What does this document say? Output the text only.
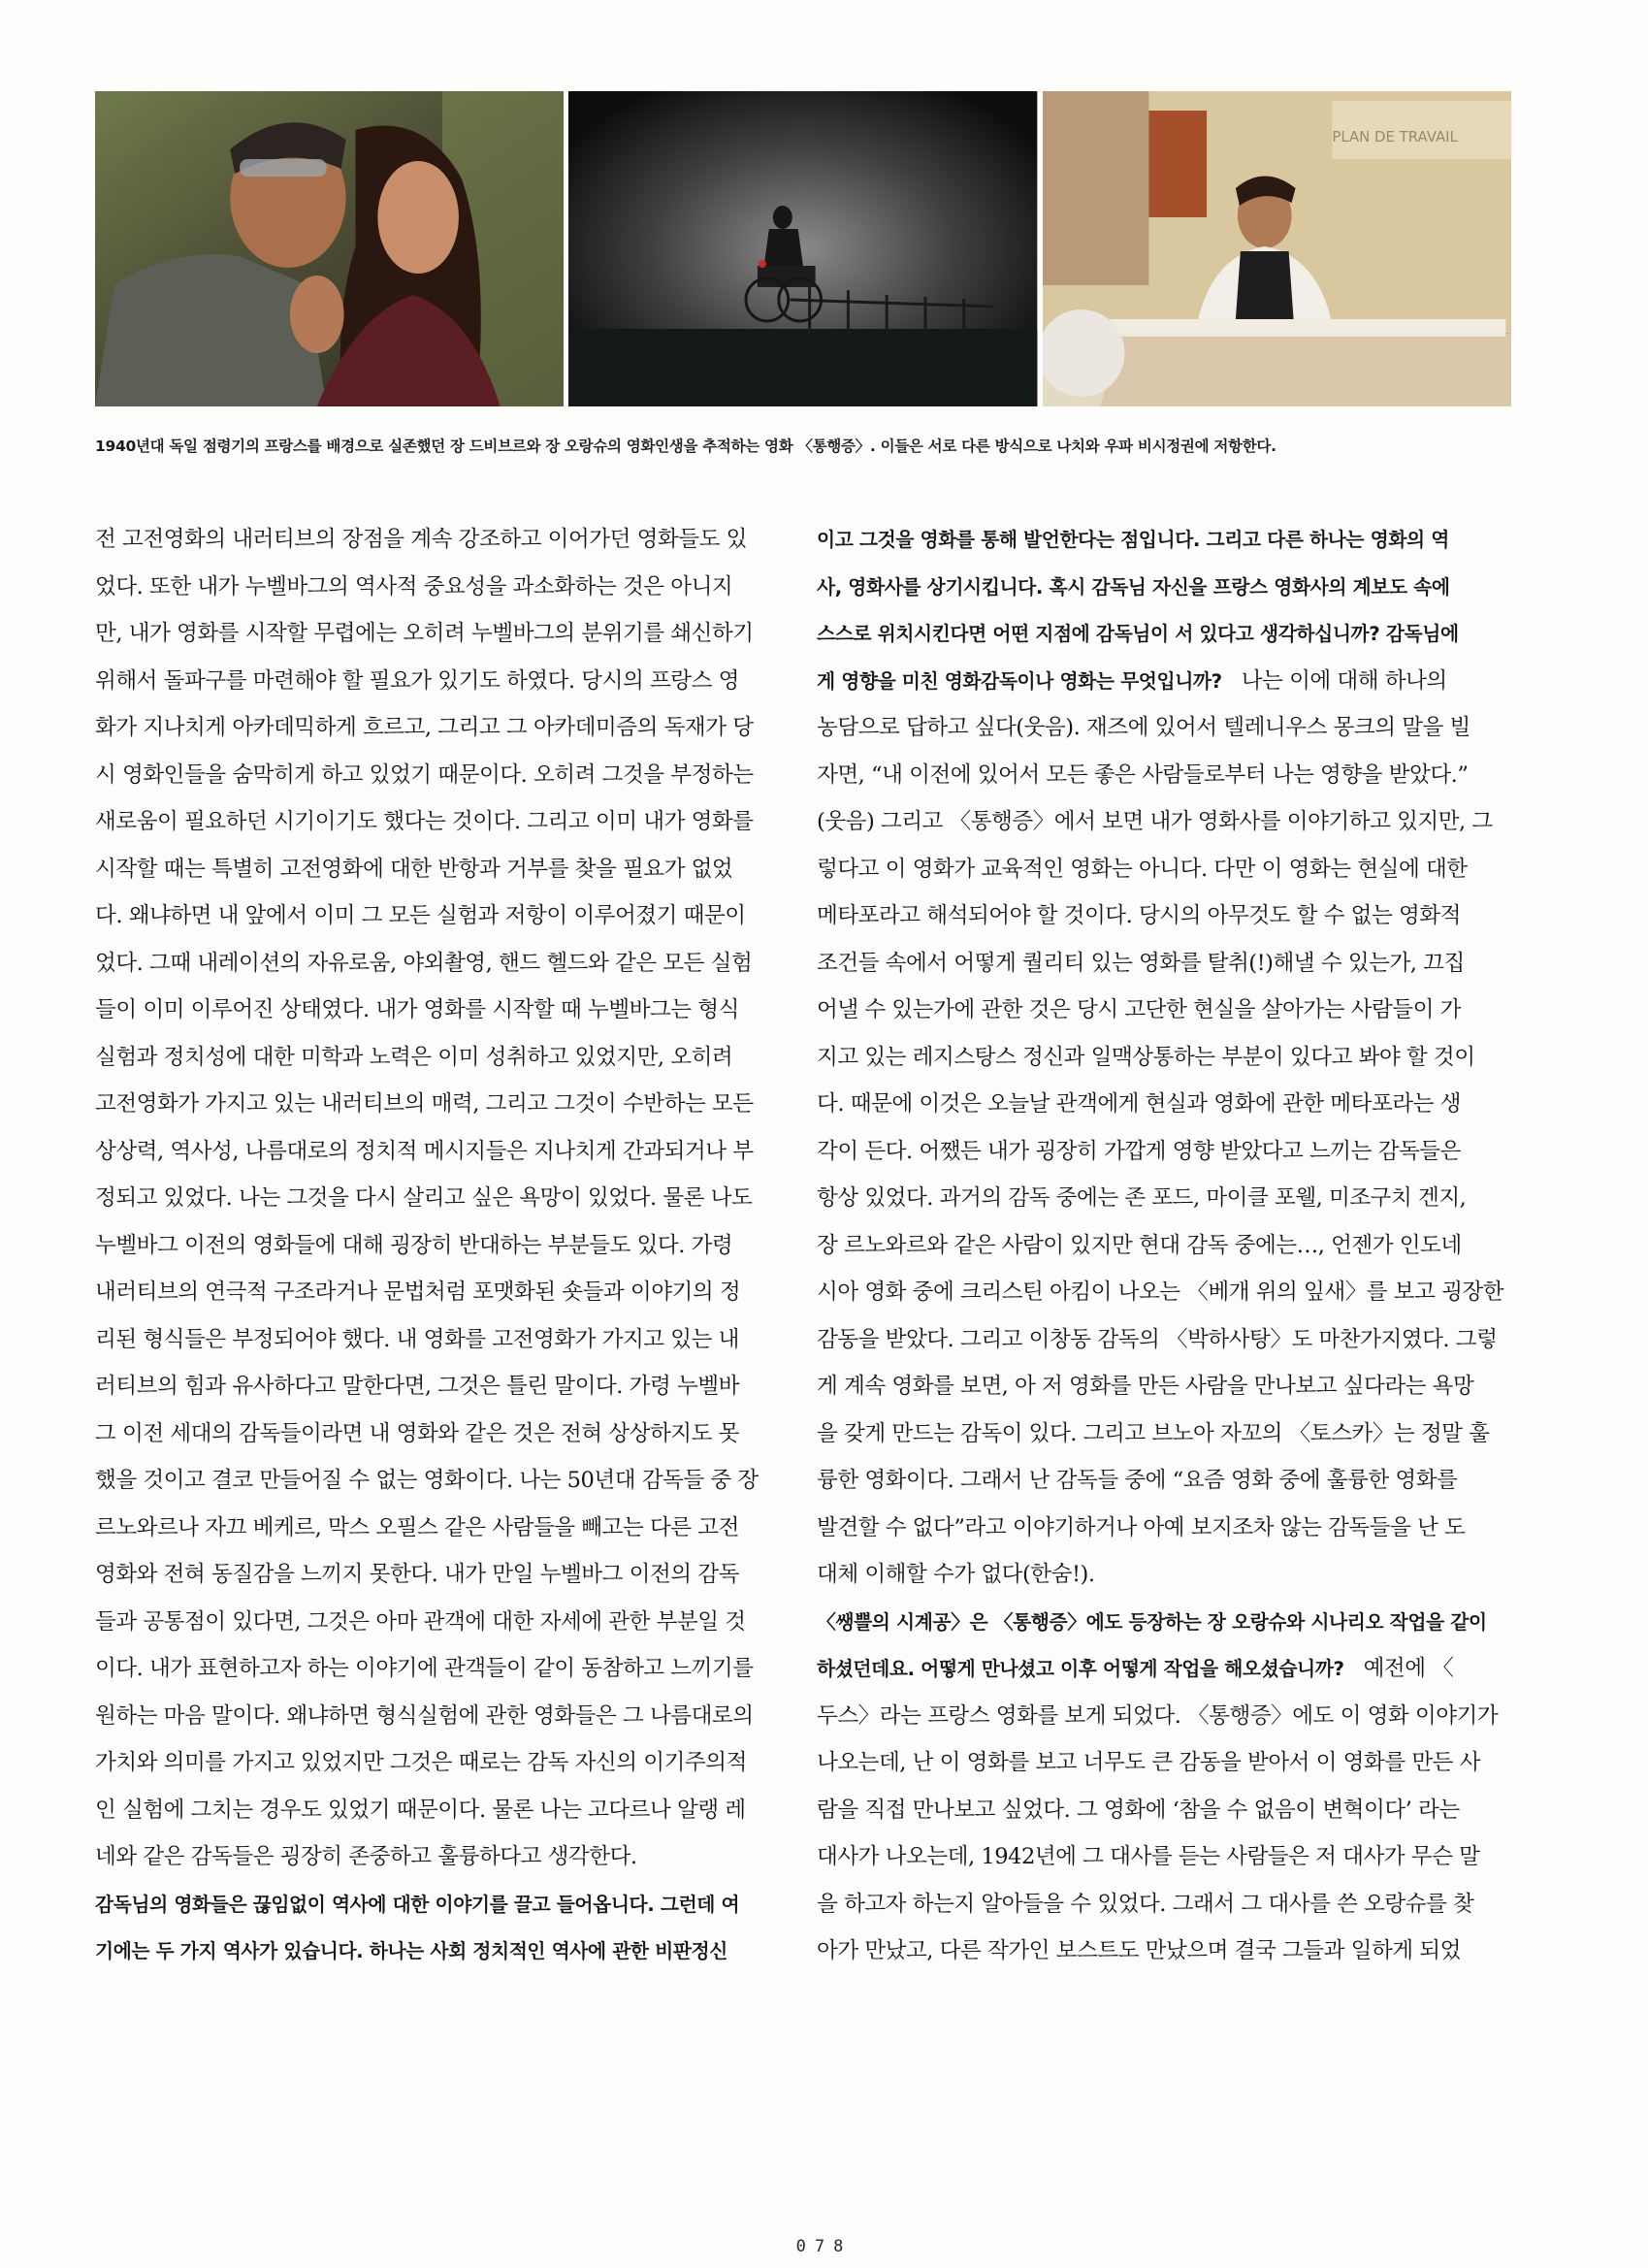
PLAN DE TRAVAIL
1940년대 독일 점령기의 프랑스를 배경으로 실존했던 장 드비브르와 장 오랑슈의 영화인생을 추적하는 영화 〈통행증〉. 이들은 서로 다른 방식으로 나치와 우파 비시정권에 저항한다.
전 고전영화의 내러티브의 장점을 계속 강조하고 이어가던 영화들도 있
었다. 또한 내가 누벨바그의 역사적 중요성을 과소화하는 것은 아니지
만, 내가 영화를 시작할 무렵에는 오히려 누벨바그의 분위기를 쇄신하기
위해서 돌파구를 마련해야 할 필요가 있기도 하였다. 당시의 프랑스 영
화가 지나치게 아카데믹하게 흐르고, 그리고 그 아카데미즘의 독재가 당
시 영화인들을 숨막히게 하고 있었기 때문이다. 오히려 그것을 부정하는
새로움이 필요하던 시기이기도 했다는 것이다. 그리고 이미 내가 영화를
시작할 때는 특별히 고전영화에 대한 반항과 거부를 찾을 필요가 없었
다. 왜냐하면 내 앞에서 이미 그 모든 실험과 저항이 이루어졌기 때문이
었다. 그때 내레이션의 자유로움, 야외촬영, 핸드 헬드와 같은 모든 실험
들이 이미 이루어진 상태였다. 내가 영화를 시작할 때 누벨바그는 형식
실험과 정치성에 대한 미학과 노력은 이미 성취하고 있었지만, 오히려
고전영화가 가지고 있는 내러티브의 매력, 그리고 그것이 수반하는 모든
상상력, 역사성, 나름대로의 정치적 메시지들은 지나치게 간과되거나 부
정되고 있었다. 나는 그것을 다시 살리고 싶은 욕망이 있었다. 물론 나도
누벨바그 이전의 영화들에 대해 굉장히 반대하는 부분들도 있다. 가령
내러티브의 연극적 구조라거나 문법처럼 포맷화된 숏들과 이야기의 정
리된 형식들은 부정되어야 했다. 내 영화를 고전영화가 가지고 있는 내
러티브의 힘과 유사하다고 말한다면, 그것은 틀린 말이다. 가령 누벨바
그 이전 세대의 감독들이라면 내 영화와 같은 것은 전혀 상상하지도 못
했을 것이고 결코 만들어질 수 없는 영화이다. 나는 50년대 감독들 중 장
르노와르나 자끄 베케르, 막스 오필스 같은 사람들을 빼고는 다른 고전
영화와 전혀 동질감을 느끼지 못한다. 내가 만일 누벨바그 이전의 감독
들과 공통점이 있다면, 그것은 아마 관객에 대한 자세에 관한 부분일 것
이다. 내가 표현하고자 하는 이야기에 관객들이 같이 동참하고 느끼기를
원하는 마음 말이다. 왜냐하면 형식실험에 관한 영화들은 그 나름대로의
가치와 의미를 가지고 있었지만 그것은 때로는 감독 자신의 이기주의적
인 실험에 그치는 경우도 있었기 때문이다. 물론 나는 고다르나 알랭 레
네와 같은 감독들은 굉장히 존중하고 훌륭하다고 생각한다.
감독님의 영화들은 끊임없이 역사에 대한 이야기를 끌고 들어옵니다. 그런데 여
기에는 두 가지 역사가 있습니다. 하나는 사회 정치적인 역사에 관한 비판정신
이고 그것을 영화를 통해 발언한다는 점입니다. 그리고 다른 하나는 영화의 역
사, 영화사를 상기시킵니다. 혹시 감독님 자신을 프랑스 영화사의 계보도 속에
스스로 위치시킨다면 어떤 지점에 감독님이 서 있다고 생각하십니까? 감독님에
게 영향을 미친 영화감독이나 영화는 무엇입니까?   나는 이에 대해 하나의
농담으로 답하고 싶다(웃음). 재즈에 있어서 텔레니우스 몽크의 말을 빌
자면, “내 이전에 있어서 모든 좋은 사람들로부터 나는 영향을 받았다.”
(웃음) 그리고 〈통행증〉에서 보면 내가 영화사를 이야기하고 있지만, 그
렇다고 이 영화가 교육적인 영화는 아니다. 다만 이 영화는 현실에 대한
메타포라고 해석되어야 할 것이다. 당시의 아무것도 할 수 없는 영화적
조건들 속에서 어떻게 퀄리티 있는 영화를 탈취(!)해낼 수 있는가, 끄집
어낼 수 있는가에 관한 것은 당시 고단한 현실을 살아가는 사람들이 가
지고 있는 레지스탕스 정신과 일맥상통하는 부분이 있다고 봐야 할 것이
다. 때문에 이것은 오늘날 관객에게 현실과 영화에 관한 메타포라는 생
각이 든다. 어쨌든 내가 굉장히 가깝게 영향 받았다고 느끼는 감독들은
항상 있었다. 과거의 감독 중에는 존 포드, 마이클 포웰, 미조구치 겐지,
장 르노와르와 같은 사람이 있지만 현대 감독 중에는…, 언젠가 인도네
시아 영화 중에 크리스틴 아킴이 나오는 〈베개 위의 잎새〉를 보고 굉장한
감동을 받았다. 그리고 이창동 감독의 〈박하사탕〉도 마찬가지였다. 그렇
게 계속 영화를 보면, 아 저 영화를 만든 사람을 만나보고 싶다라는 욕망
을 갖게 만드는 감독이 있다. 그리고 브노아 자꼬의 〈토스카〉는 정말 훌
륭한 영화이다. 그래서 난 감독들 중에 “요즘 영화 중에 훌륭한 영화를
발견할 수 없다”라고 이야기하거나 아예 보지조차 않는 감독들을 난 도
대체 이해할 수가 없다(한숨!).
〈쌩쁠의 시계공〉은 〈통행증〉에도 등장하는 장 오랑슈와 시나리오 작업을 같이
하셨던데요. 어떻게 만나셨고 이후 어떻게 작업을 해오셨습니까?   예전에 〈
두스〉라는 프랑스 영화를 보게 되었다. 〈통행증〉에도 이 영화 이야기가
나오는데, 난 이 영화를 보고 너무도 큰 감동을 받아서 이 영화를 만든 사
람을 직접 만나보고 싶었다. 그 영화에 ‘참을 수 없음이 변혁이다’ 라는
대사가 나오는데, 1942년에 그 대사를 듣는 사람들은 저 대사가 무슨 말
을 하고자 하는지 알아들을 수 있었다. 그래서 그 대사를 쓴 오랑슈를 찾
아가 만났고, 다른 작가인 보스트도 만났으며 결국 그들과 일하게 되었
078
